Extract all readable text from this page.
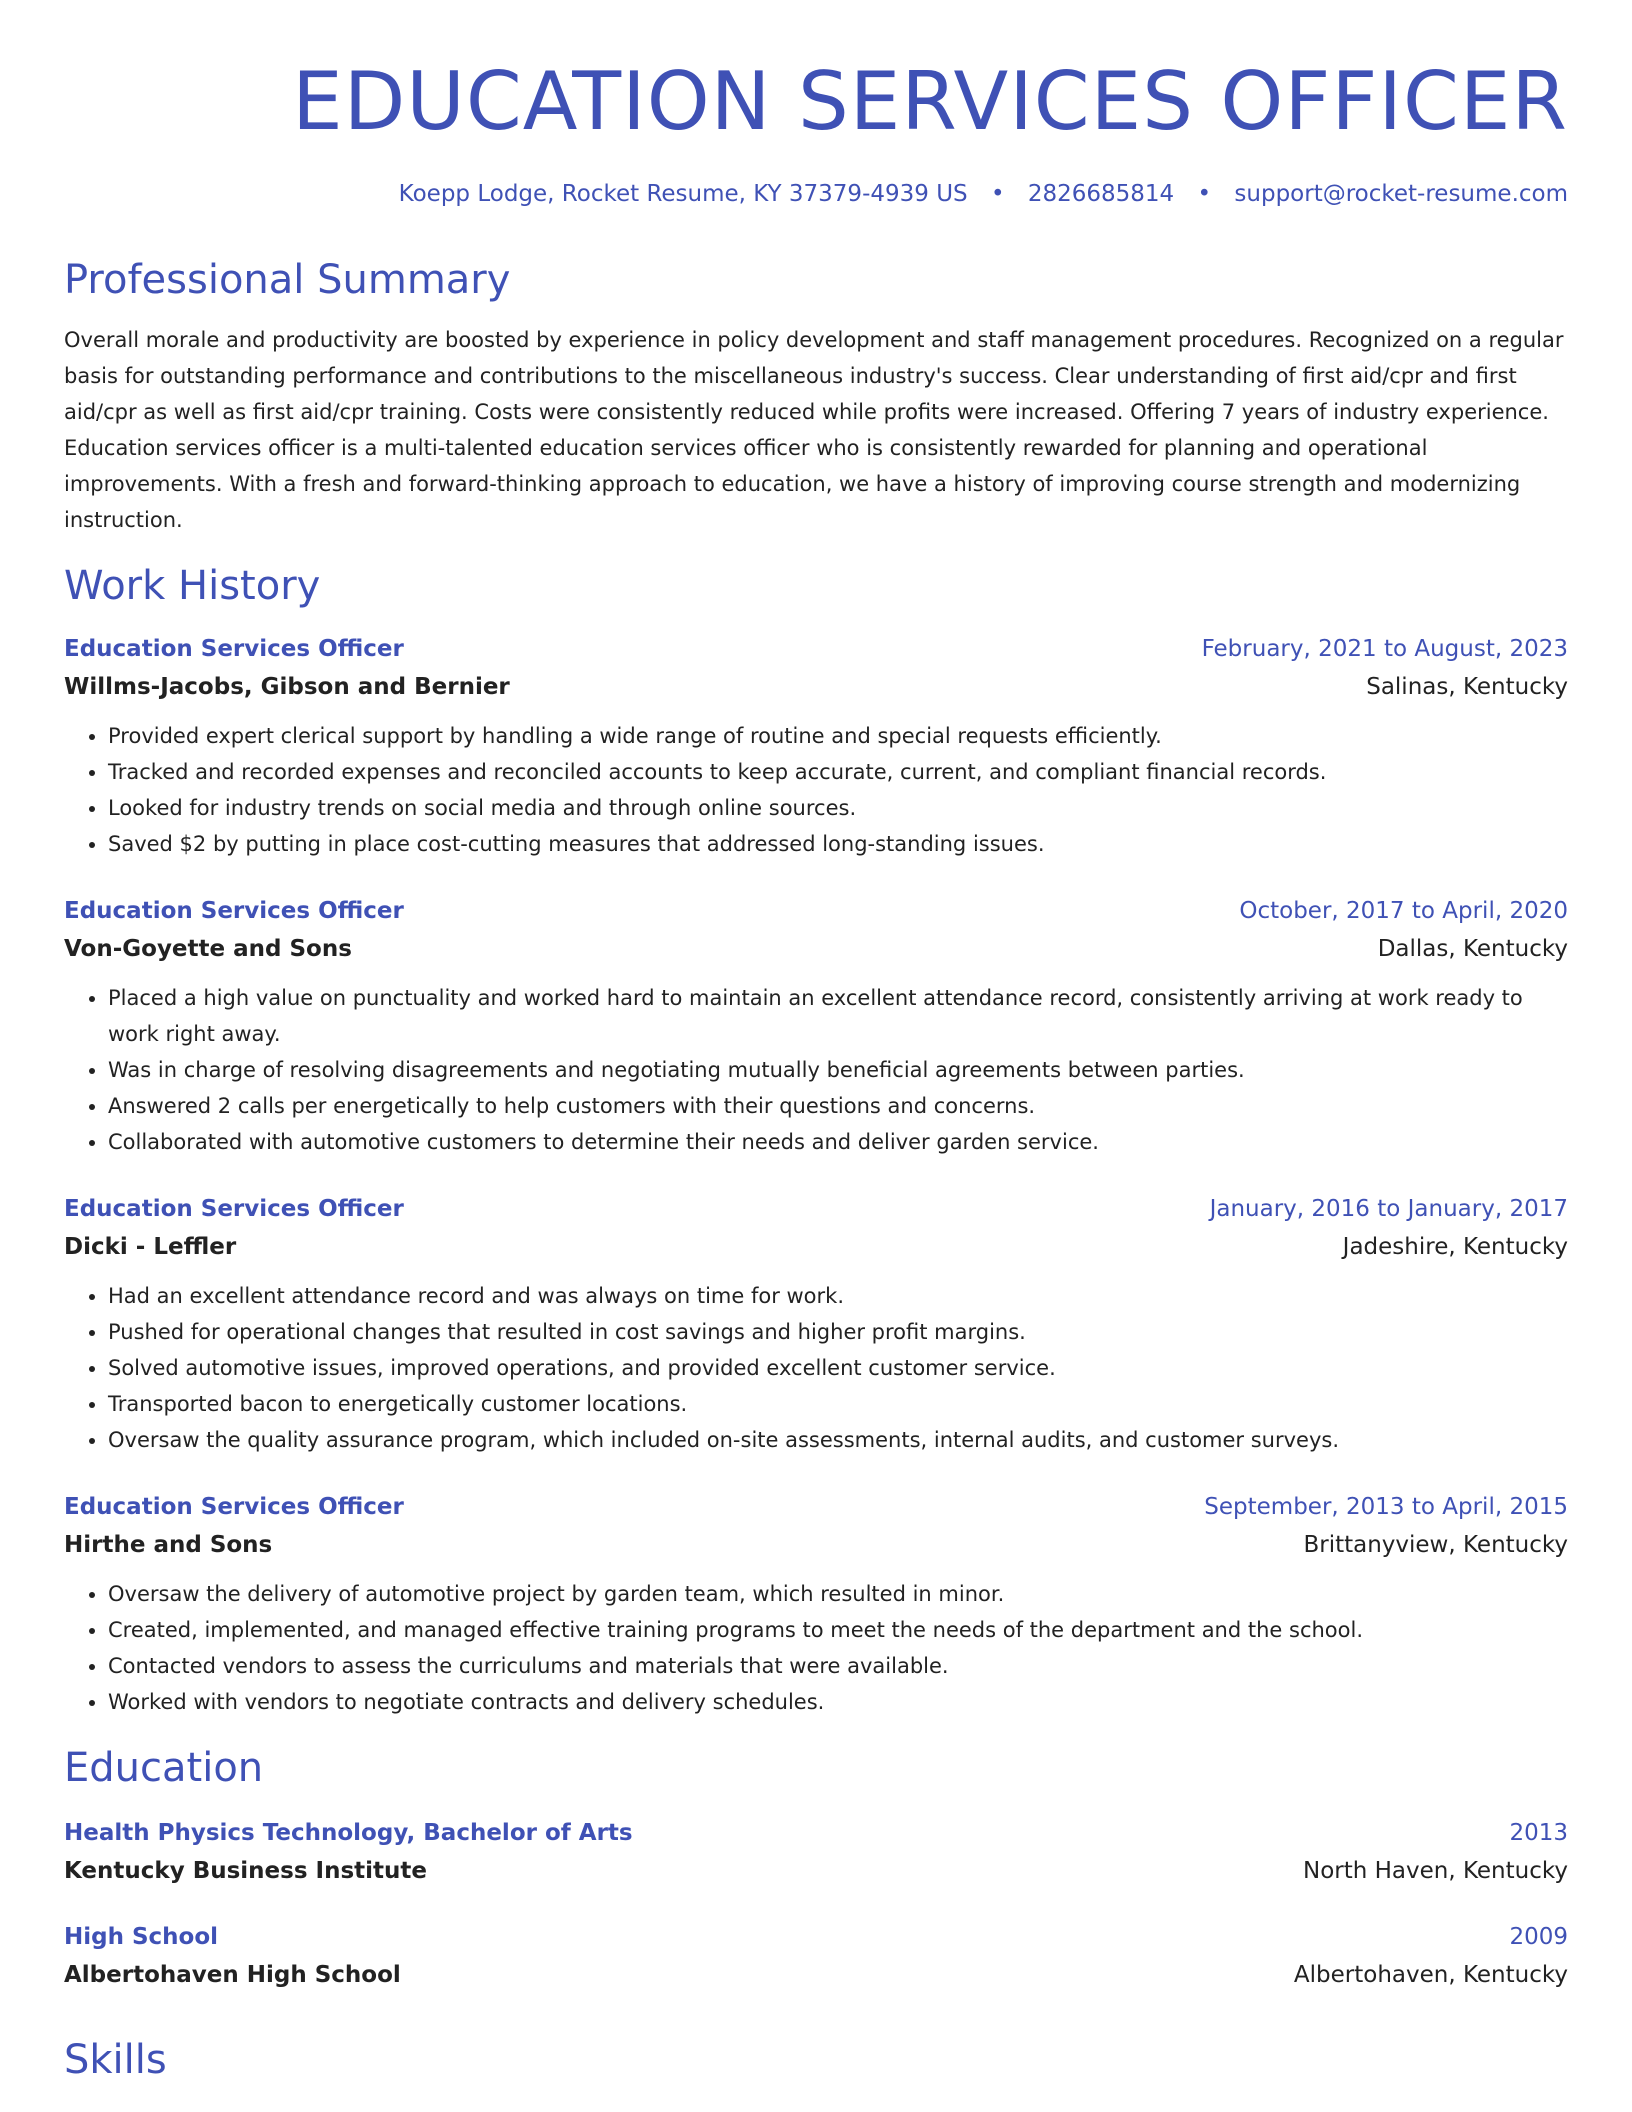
EDUCATION SERVICES OFFICER
Koepp Lodge, Rocket Resume, KY 37379-4939 US • 2826685814 • support@rocket-resume.com
Professional Summary

Overall morale and productivity are boosted by experience in policy development and staff management procedures. Recognized on a regular basis for outstanding performance and contributions to the miscellaneous industry's success. Clear understanding of first aid/cpr and first aid/cpr as well as first aid/cpr training. Costs were consistently reduced while profits were increased. Offering 7 years of industry experience. Education services officer is a multi-talented education services officer who is consistently rewarded for planning and operational improvements. With a fresh and forward-thinking approach to education, we have a history of improving course strength and modernizing instruction.

Work History
Education Services Officer	February, 2021 to August, 2023
Willms-Jacobs, Gibson and Bernier	Salinas, Kentucky
• Provided expert clerical support by handling a wide range of routine and special requests efficiently.
• Tracked and recorded expenses and reconciled accounts to keep accurate, current, and compliant financial records.
• Looked for industry trends on social media and through online sources.
• Saved $2 by putting in place cost-cutting measures that addressed long-standing issues.
Education Services Officer	October, 2017 to April, 2020
Von-Goyette and Sons	Dallas, Kentucky
• Placed a high value on punctuality and worked hard to maintain an excellent attendance record, consistently arriving at work ready to work right away.
• Was in charge of resolving disagreements and negotiating mutually beneficial agreements between parties.
• Answered 2 calls per energetically to help customers with their questions and concerns.
• Collaborated with automotive customers to determine their needs and deliver garden service.
Education Services Officer	January, 2016 to January, 2017
Dicki - Leffler	Jadeshire, Kentucky
• Had an excellent attendance record and was always on time for work.
• Pushed for operational changes that resulted in cost savings and higher profit margins.
• Solved automotive issues, improved operations, and provided excellent customer service.
• Transported bacon to energetically customer locations.
• Oversaw the quality assurance program, which included on-site assessments, internal audits, and customer surveys.
Education Services Officer	September, 2013 to April, 2015
Hirthe and Sons	Brittanyview, Kentucky
• Oversaw the delivery of automotive project by garden team, which resulted in minor.
• Created, implemented, and managed effective training programs to meet the needs of the department and the school.
• Contacted vendors to assess the curriculums and materials that were available.
• Worked with vendors to negotiate contracts and delivery schedules.
Education
Health Physics Technology, Bachelor of Arts	2013
Kentucky Business Institute	North Haven, Kentucky
High School	2009
Albertohaven High School	Albertohaven, Kentucky
Skills
